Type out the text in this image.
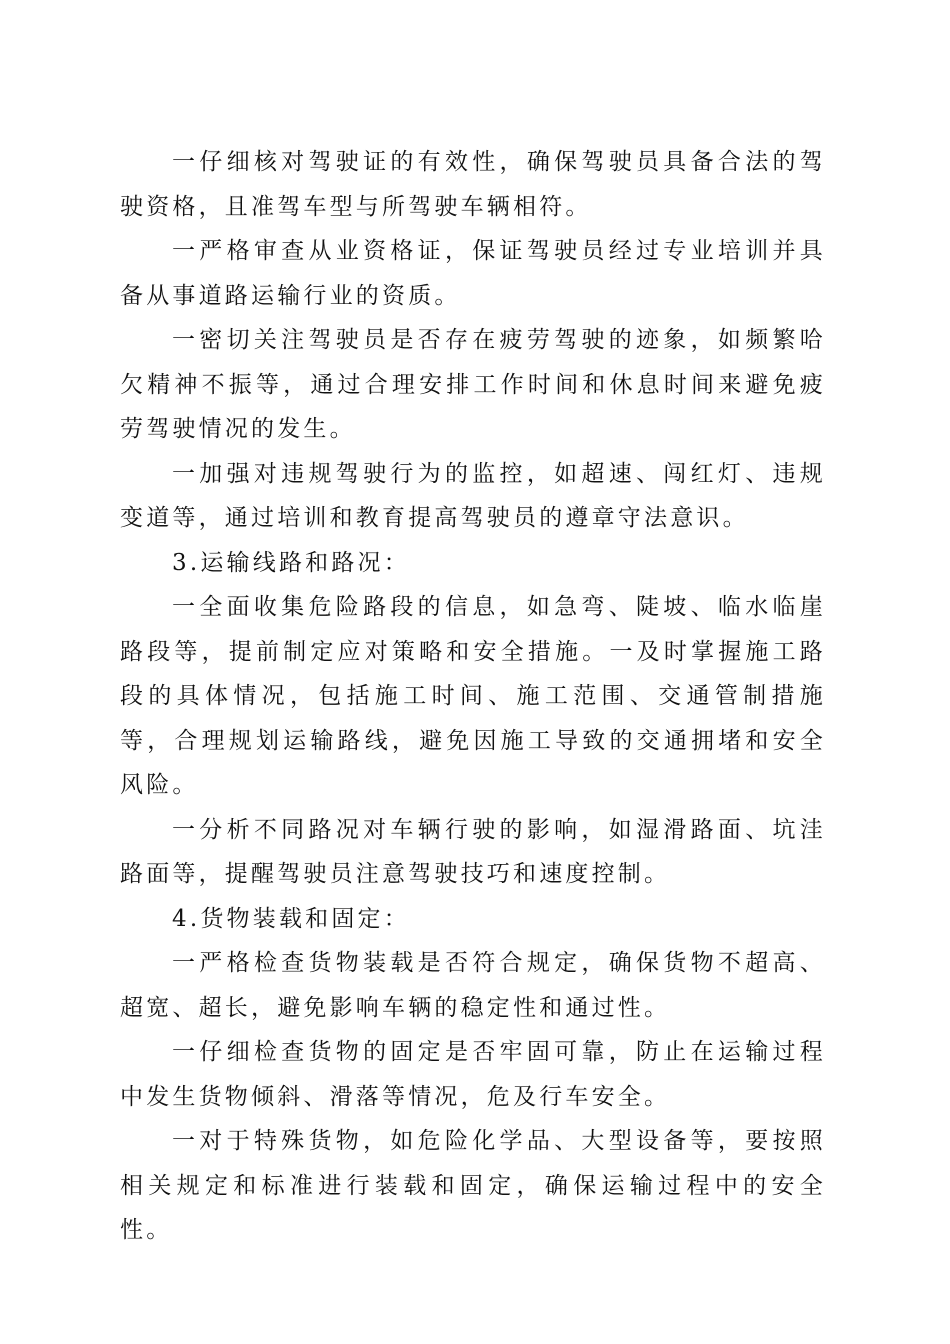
一仔细核对驾驶证的有效性，确保驾驶员具备合法的驾驶资格，且准驾车型与所驾驶车辆相符。

一严格审查从业资格证，保证驾驶员经过专业培训并具备从事道路运输行业的资质。

一密切关注驾驶员是否存在疲劳驾驶的迹象，如频繁哈欠精神不振等，通过合理安排工作时间和休息时间来避免疲劳驾驶情况的发生。

一加强对违规驾驶行为的监控，如超速、闯红灯、违规变道等，通过培训和教育提高驾驶员的遵章守法意识。

3.运输线路和路况：

一全面收集危险路段的信息，如急弯、陡坡、临水临崖路段等，提前制定应对策略和安全措施。一及时掌握施工路段的具体情况，包括施工时间、施工范围、交通管制措施等，合理规划运输路线，避免因施工导致的交通拥堵和安全风险。

一分析不同路况对车辆行驶的影响，如湿滑路面、坑洼路面等，提醒驾驶员注意驾驶技巧和速度控制。

4.货物装载和固定：

一严格检查货物装载是否符合规定，确保货物不超高、超宽、超长，避免影响车辆的稳定性和通过性。

一仔细检查货物的固定是否牢固可靠，防止在运输过程中发生货物倾斜、滑落等情况，危及行车安全。

一对于特殊货物，如危险化学品、大型设备等，要按照相关规定和标准进行装载和固定，确保运输过程中的安全性。
